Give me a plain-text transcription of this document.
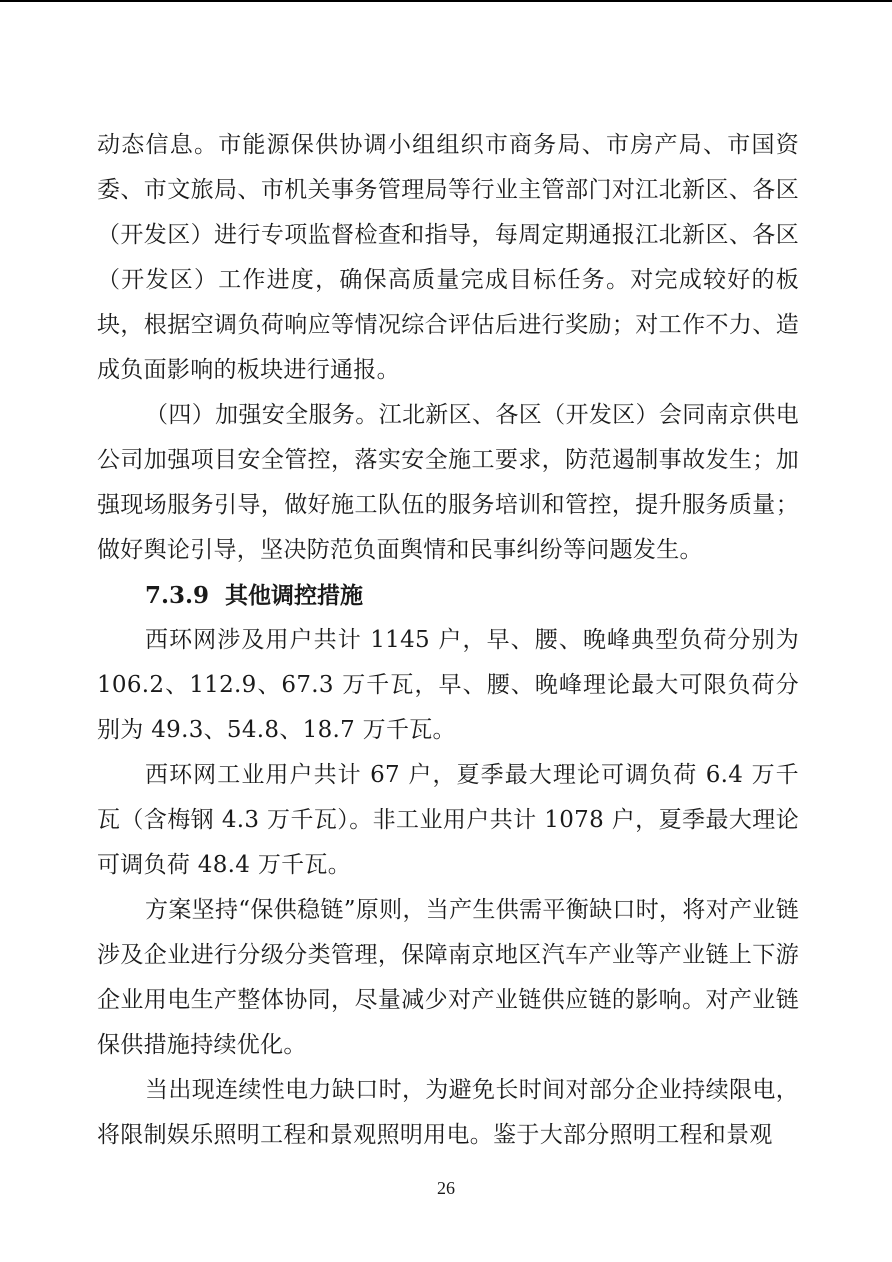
动态信息。市能源保供协调小组组织市商务局、市房产局、市国资委、市文旅局、市机关事务管理局等行业主管部门对江北新区、各区（开发区）进行专项监督检查和指导，每周定期通报江北新区、各区（开发区）工作进度，确保高质量完成目标任务。对完成较好的板块，根据空调负荷响应等情况综合评估后进行奖励；对工作不力、造成负面影响的板块进行通报。

（四）加强安全服务。江北新区、各区（开发区）会同南京供电公司加强项目安全管控，落实安全施工要求，防范遏制事故发生；加强现场服务引导，做好施工队伍的服务培训和管控，提升服务质量；做好舆论引导，坚决防范负面舆情和民事纠纷等问题发生。

7.3.9 其他调控措施

西环网涉及用户共计 1145 户，早、腰、晚峰典型负荷分别为 106.2、112.9、67.3 万千瓦，早、腰、晚峰理论最大可限负荷分别为 49.3、54.8、18.7 万千瓦。

西环网工业用户共计 67 户，夏季最大理论可调负荷 6.4 万千瓦（含梅钢 4.3 万千瓦）。非工业用户共计 1078 户，夏季最大理论可调负荷 48.4 万千瓦。

方案坚持“保供稳链”原则，当产生供需平衡缺口时，将对产业链涉及企业进行分级分类管理，保障南京地区汽车产业等产业链上下游企业用电生产整体协同，尽量减少对产业链供应链的影响。对产业链保供措施持续优化。

当出现连续性电力缺口时，为避免长时间对部分企业持续限电，将限制娱乐照明工程和景观照明用电。鉴于大部分照明工程和景观

26
